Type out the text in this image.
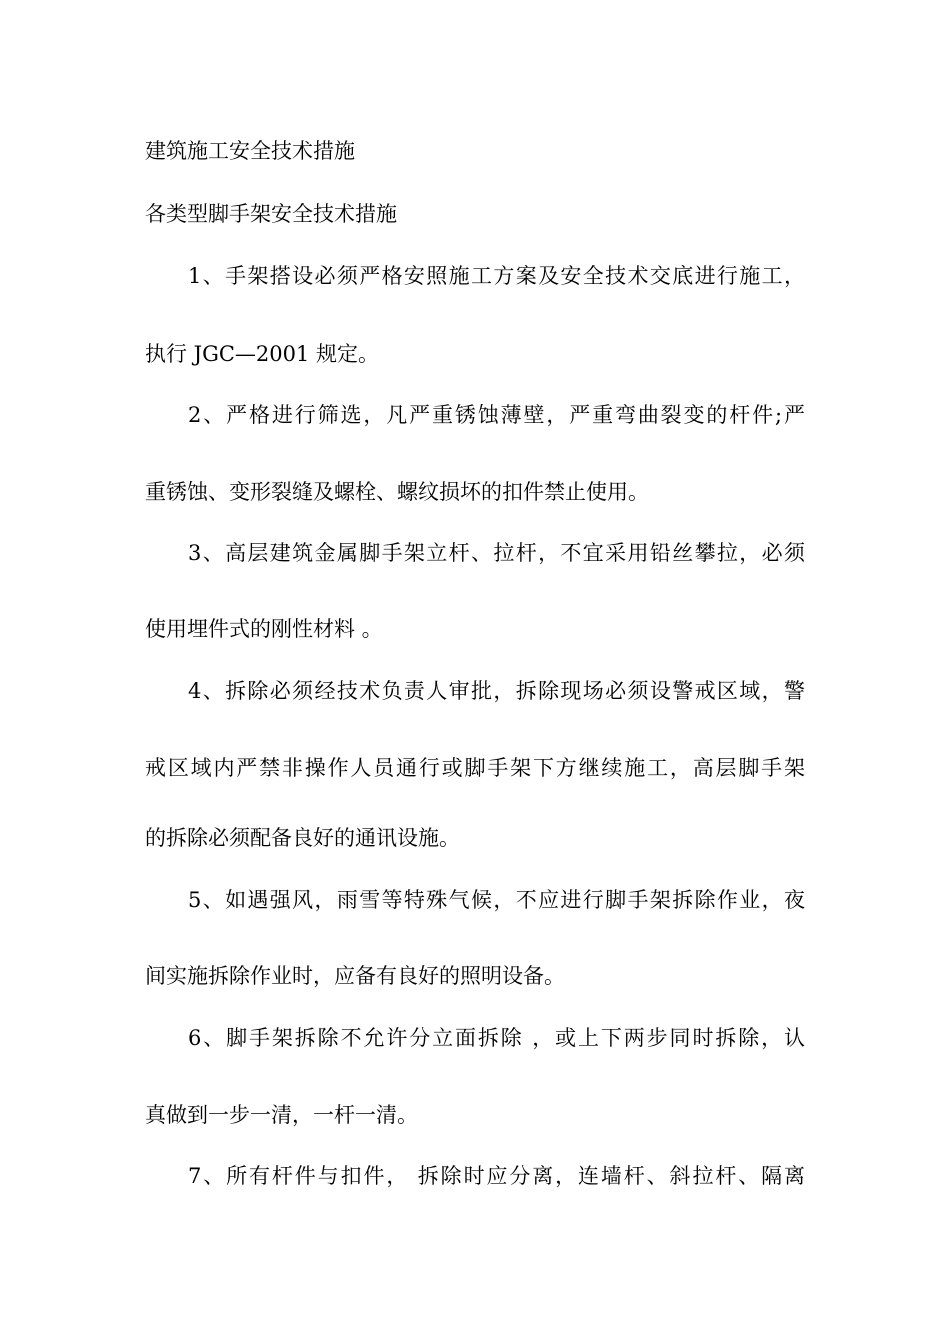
建筑施工安全技术措施
各类型脚手架安全技术措施
1、手架搭设必须严格安照施工方案及安全技术交底进行施工，
执行 JGC—2001 规定。
2、严格进行筛选，凡严重锈蚀薄壁，严重弯曲裂变的杆件;严
重锈蚀、变形裂缝及螺栓、螺纹损坏的扣件禁止使用。
3、高层建筑金属脚手架立杆、拉杆，不宜采用铅丝攀拉，必须
使用埋件式的刚性材料 。
4、拆除必须经技术负责人审批，拆除现场必须设警戒区域，警
戒区域内严禁非操作人员通行或脚手架下方继续施工，高层脚手架
的拆除必须配备良好的通讯设施。
5、如遇强风，雨雪等特殊气候，不应进行脚手架拆除作业，夜
间实施拆除作业时，应备有良好的照明设备。
6、脚手架拆除不允许分立面拆除 ，或上下两步同时拆除，认
真做到一步一清，一杆一清。
7、所有杆件与扣件， 拆除时应分离，连墙杆、斜拉杆、隔离
